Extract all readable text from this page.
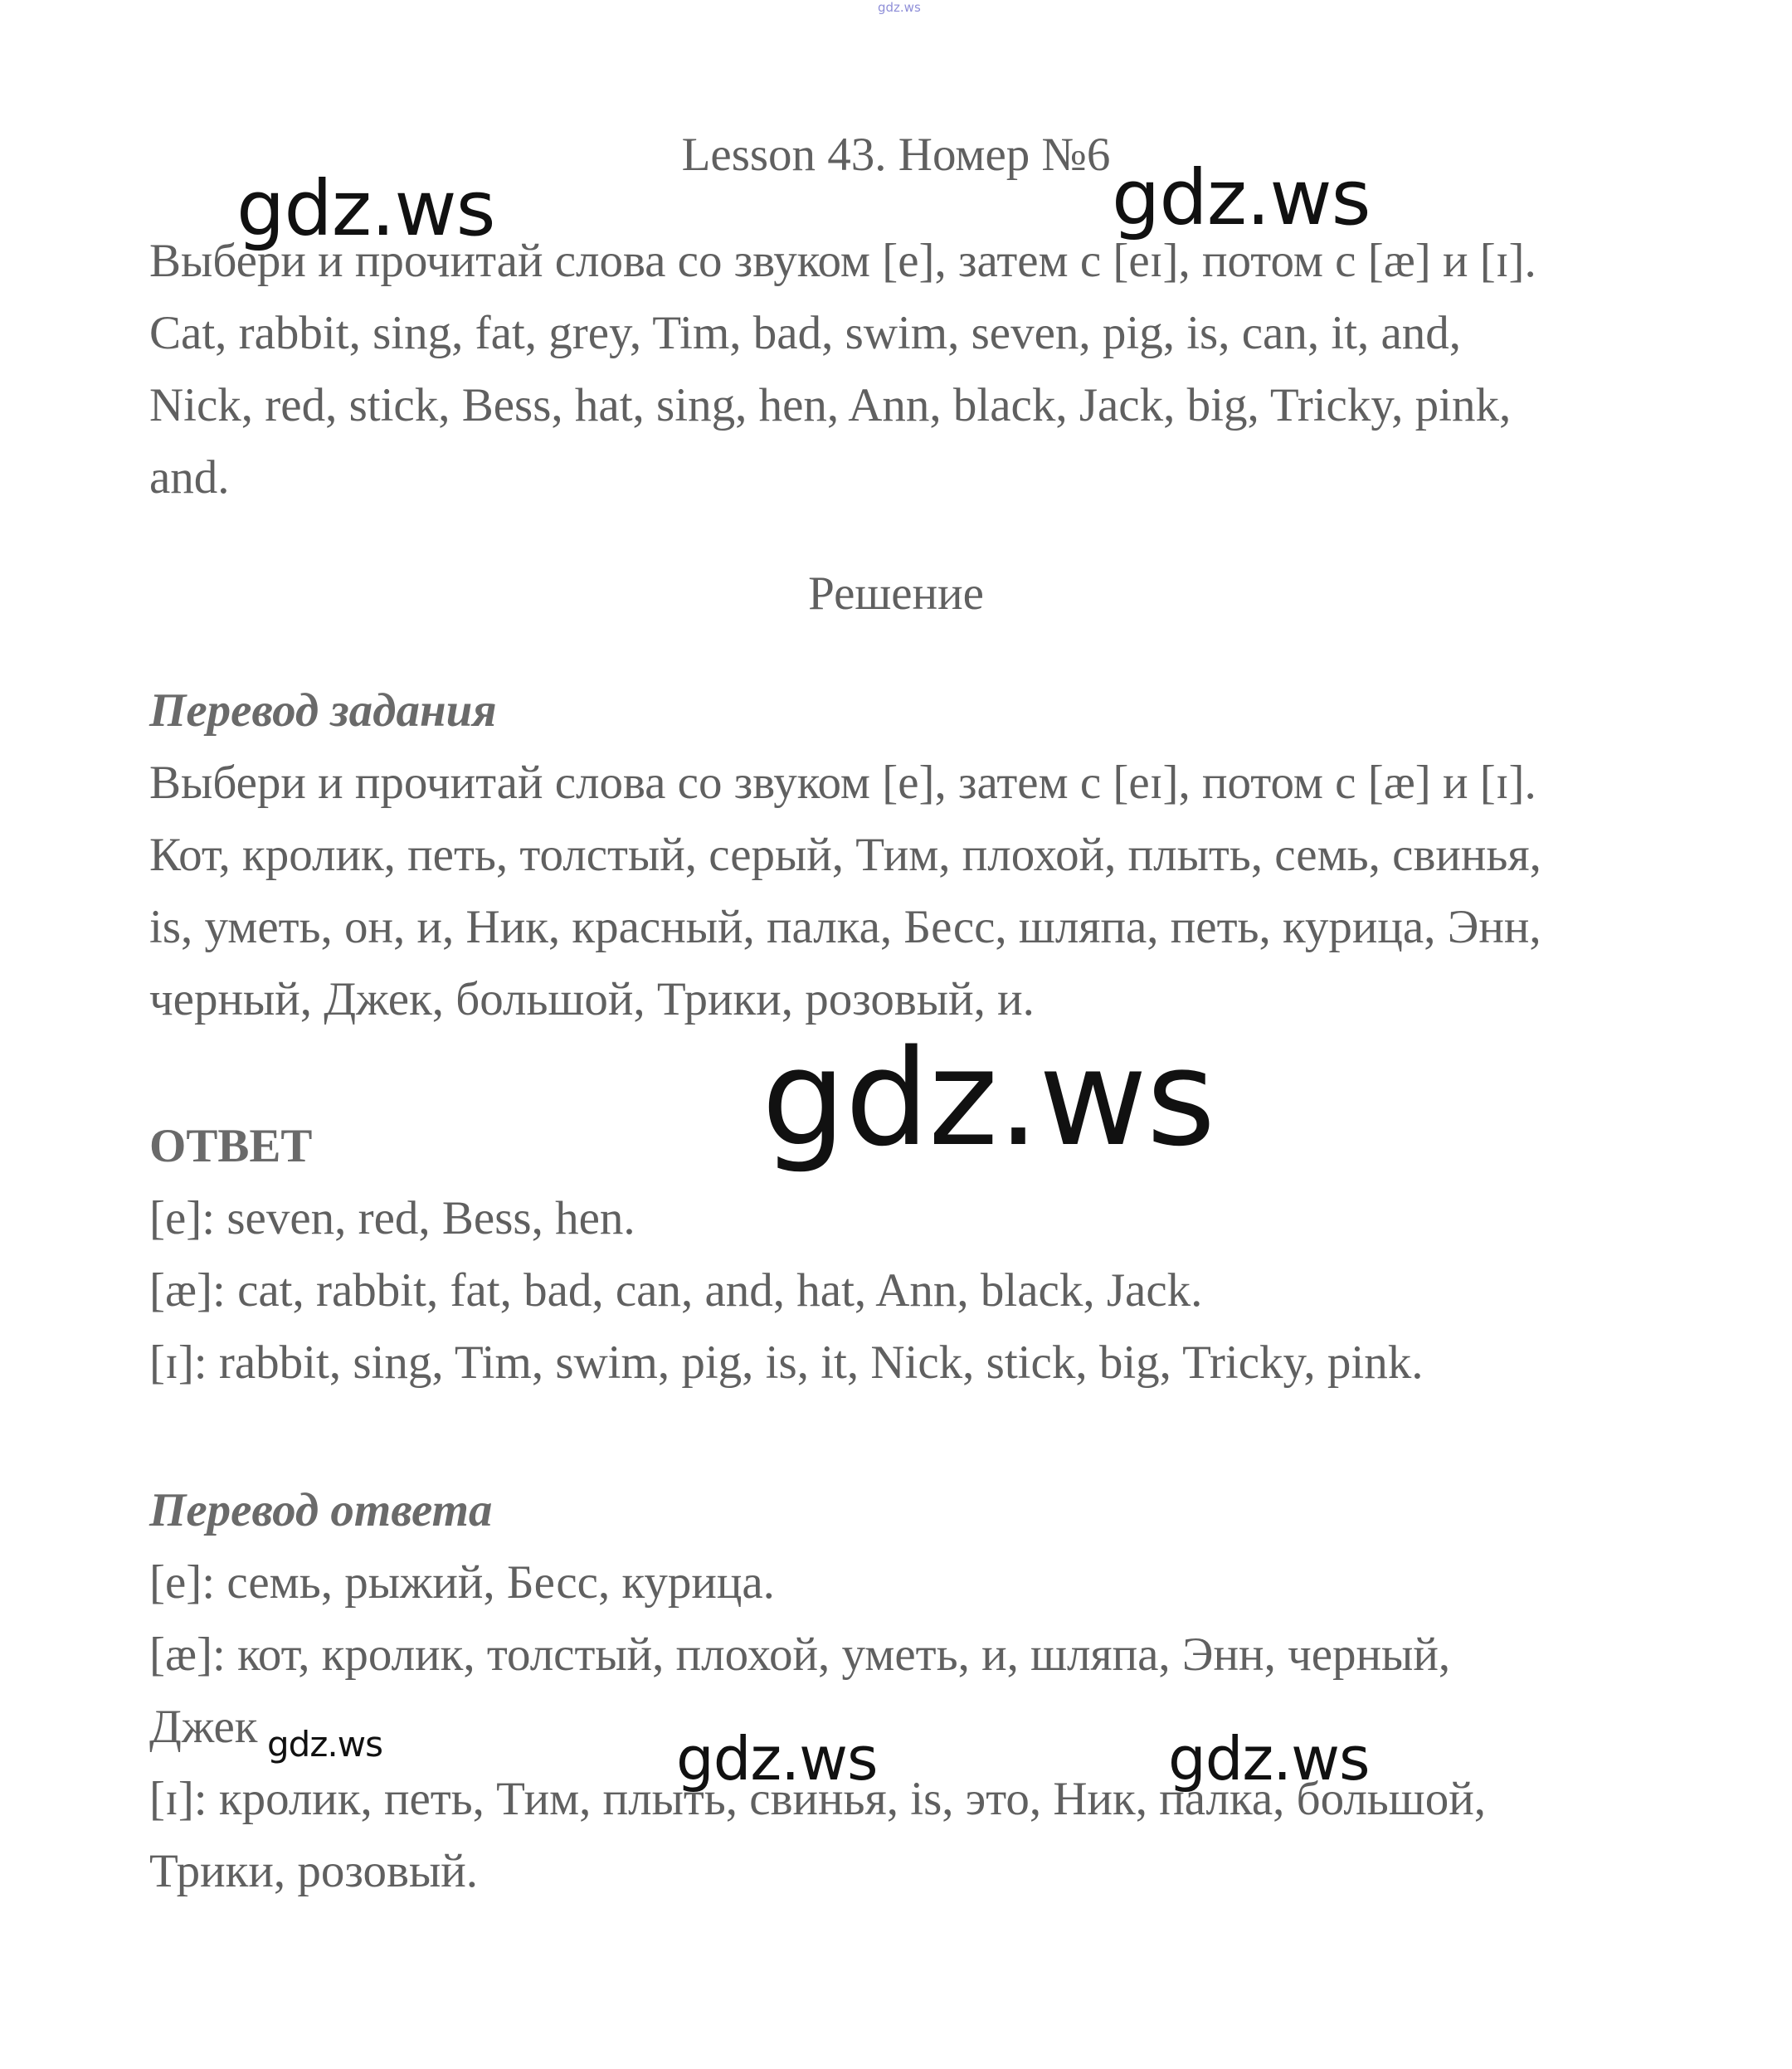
gdz.ws
Lesson 43. Номер №6
gdz.ws	gdz.ws
Выбери и прочитай слова со звуком [e], затем с [eɪ], потом с [æ] и [ɪ].
Cat, rabbit, sing, fat, grey, Tim, bad, swim, seven, pig, is, can, it, and,
Nick, red, stick, Bess, hat, sing, hen, Ann, black, Jack, big, Tricky, pink,
and.
Решение
Перевод задания
Выбери и прочитай слова со звуком [e], затем с [eɪ], потом с [æ] и [ɪ].
Кот, кролик, петь, толстый, серый, Тим, плохой, плыть, семь, свинья,
is, уметь, он, и, Ник, красный, палка, Бесс, шляпа, петь, курица, Энн,
черный, Джек, большой, Трики, розовый, и.
gdz.ws
ОТВЕТ
[e]: seven, red, Bess, hen.
[æ]: cat, rabbit, fat, bad, can, and, hat, Ann, black, Jack.
[ɪ]: rabbit, sing, Tim, swim, pig, is, it, Nick, stick, big, Tricky, pink.
Перевод ответа
[e]: семь, рыжий, Бесс, курица.
[æ]: кот, кролик, толстый, плохой, уметь, и, шляпа, Энн, черный,
Джек
[ɪ]: кролик, петь, Тим, плыть, свинья, is, это, Ник, палка, большой,
Трики, розовый.
gdz.ws	gdz.ws	gdz.ws
